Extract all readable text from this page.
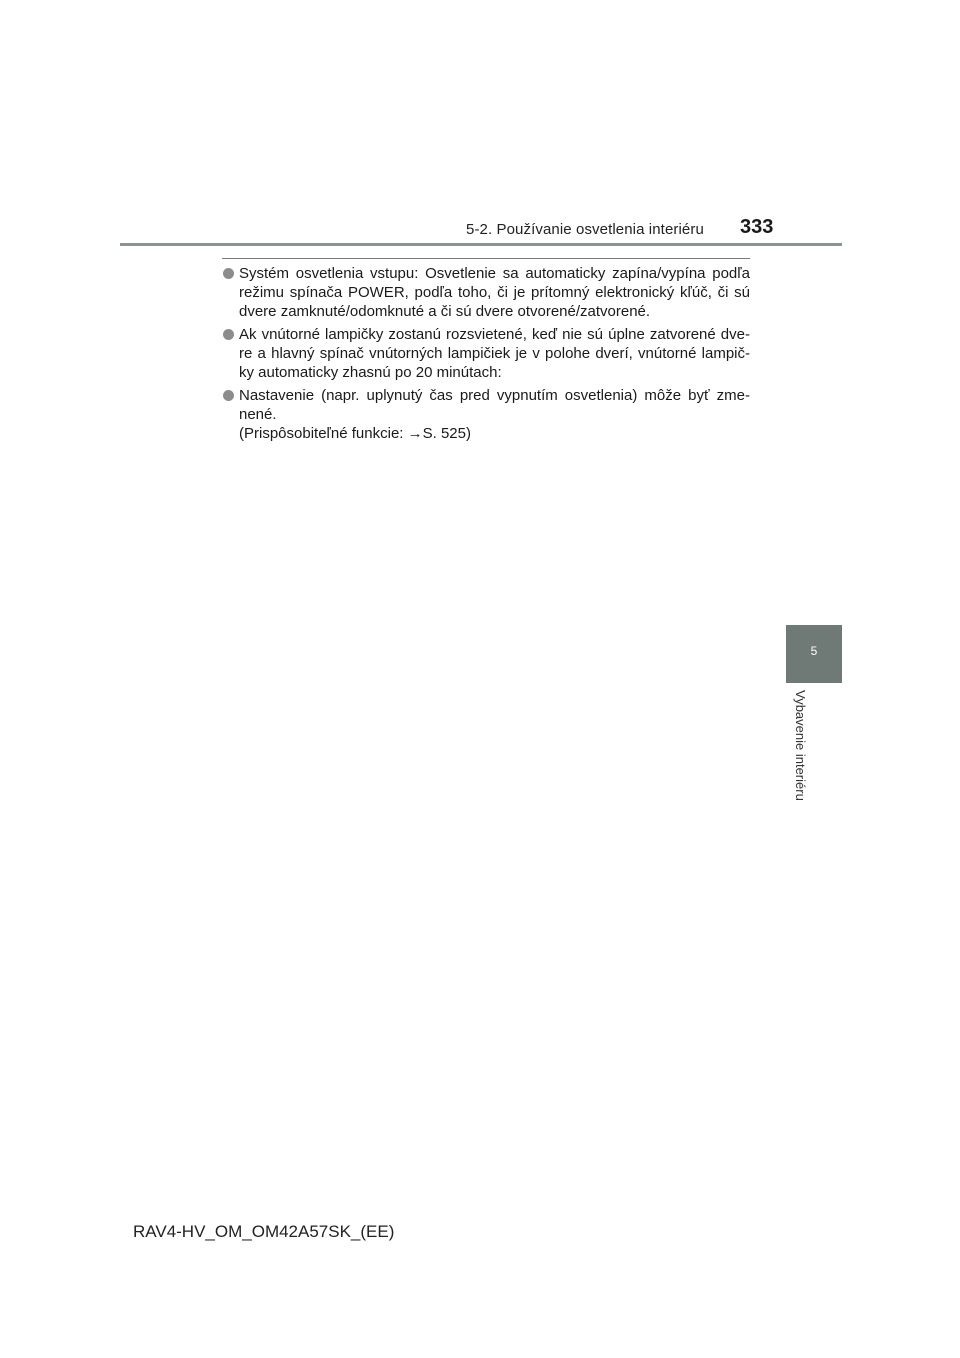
5-2. Používanie osvetlenia interiéru 333

Systém osvetlenia vstupu: Osvetlenie sa automaticky zapína/vypína podľa režimu spínača POWER, podľa toho, či je prítomný elektronický kľúč, či sú dvere zamknuté/odomknuté a či sú dvere otvorené/zatvorené.

Ak vnútorné lampičky zostanú rozsvietené, keď nie sú úplne zatvorené dve-re a hlavný spínač vnútorných lampičiek je v polohe dverí, vnútorné lampič-ky automaticky zhasnú po 20 minútach:

Nastavenie (napr. uplynutý čas pred vypnutím osvetlenia) môže byť zme-nené.

(Prispôsobiteľné funkcie: →S. 525)

5
Vybavenie interiéru
RAV4-HV_OM_OM42A57SK_(EE)
